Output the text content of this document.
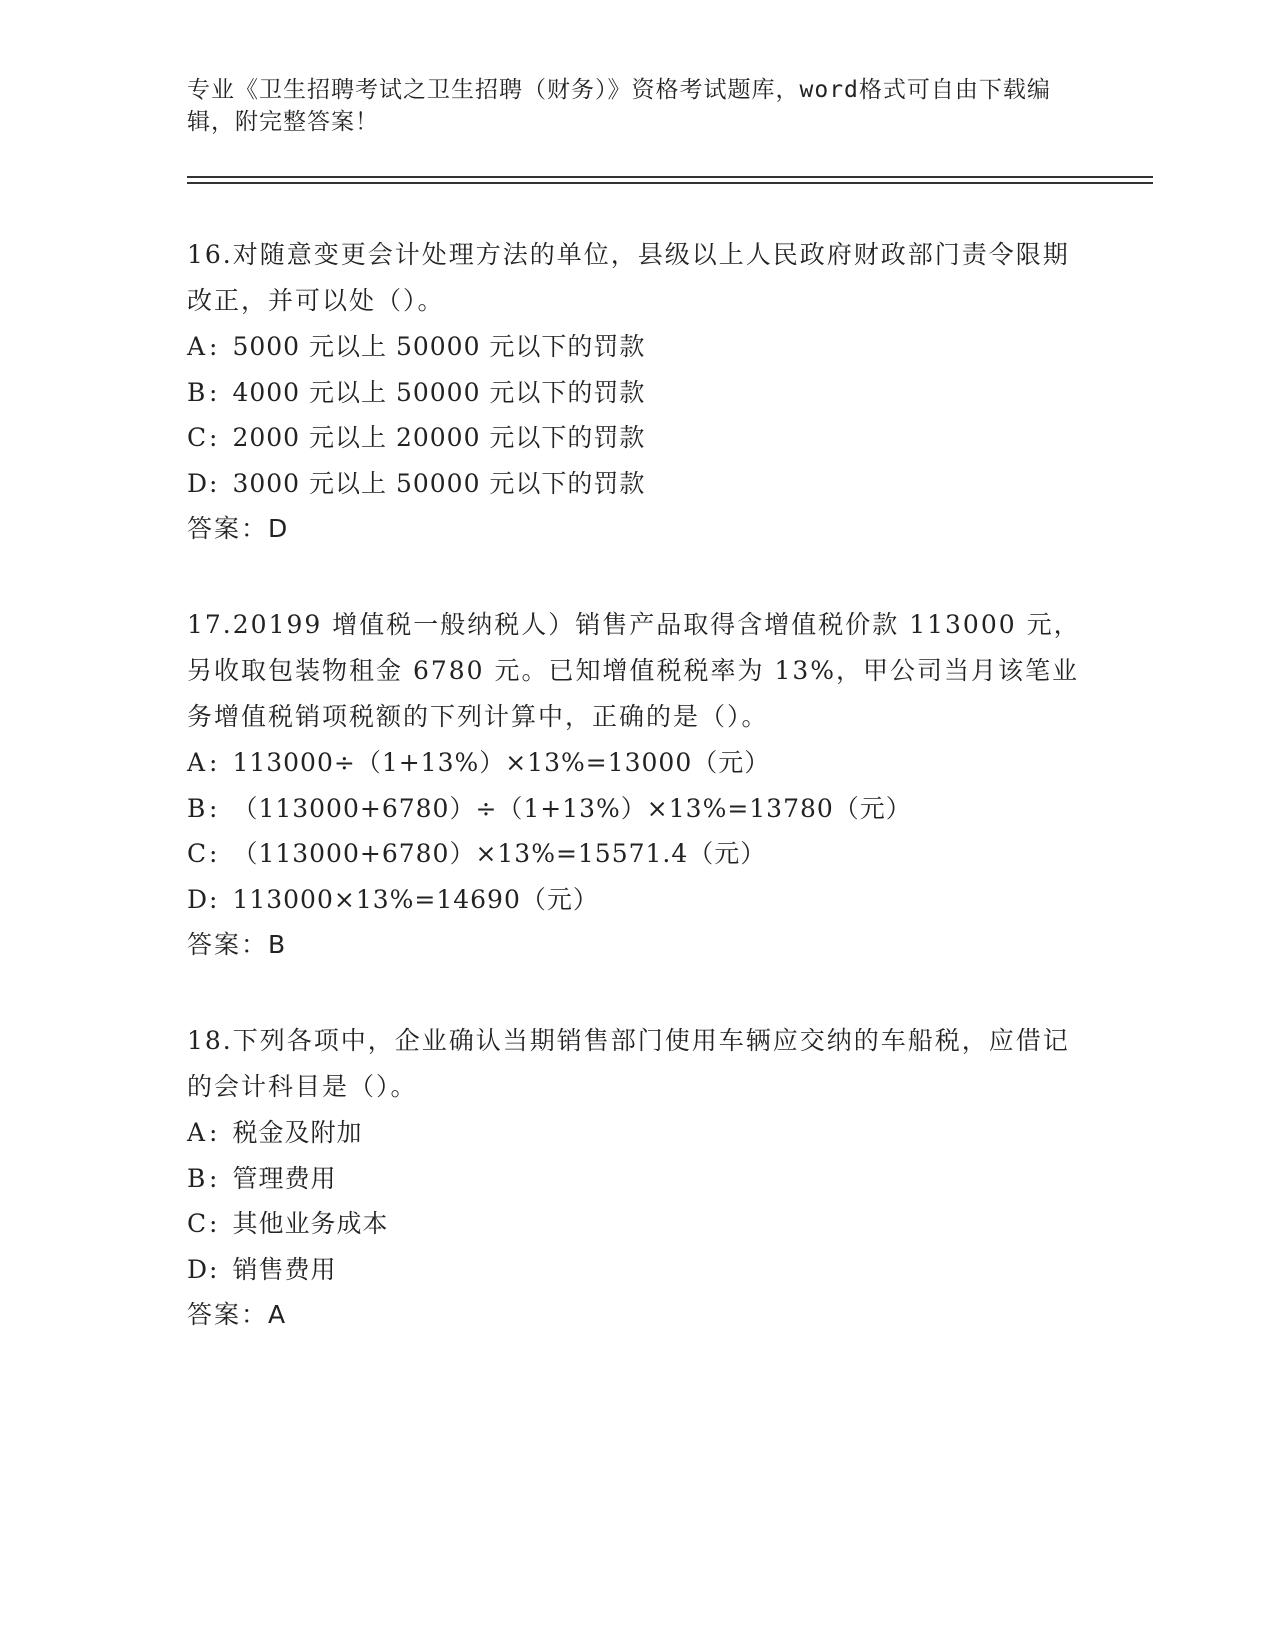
专业《卫生招聘考试之卫生招聘（财务）》资格考试题库，word格式可自由下载编辑，附完整答案！
16.对随意变更会计处理方法的单位，县级以上人民政府财政部门责令限期改正，并可以处（）。
A : 5000 元以上 50000 元以下的罚款
B : 4000 元以上 50000 元以下的罚款
C: 2000 元以上 20000 元以下的罚款
D: 3000 元以上 50000 元以下的罚款
答案：D
17.20199 增值税一般纳税人）销售产品取得含增值税价款 113000 元，另收取包装物租金 6780 元。已知增值税税率为 13%，甲公司当月该笔业务增值税销项税额的下列计算中，正确的是（）。
A : 113000÷（1+13%）×13%=13000（元）
B : （113000+6780）÷（1+13%）×13%=13780（元）
C: （113000+6780）×13%=15571.4（元）
D: 113000×13%=14690（元）
答案：B
18.下列各项中，企业确认当期销售部门使用车辆应交纳的车船税，应借记的会计科目是（）。
A : 税金及附加
B : 管理费用
C: 其他业务成本
D: 销售费用
答案：A
